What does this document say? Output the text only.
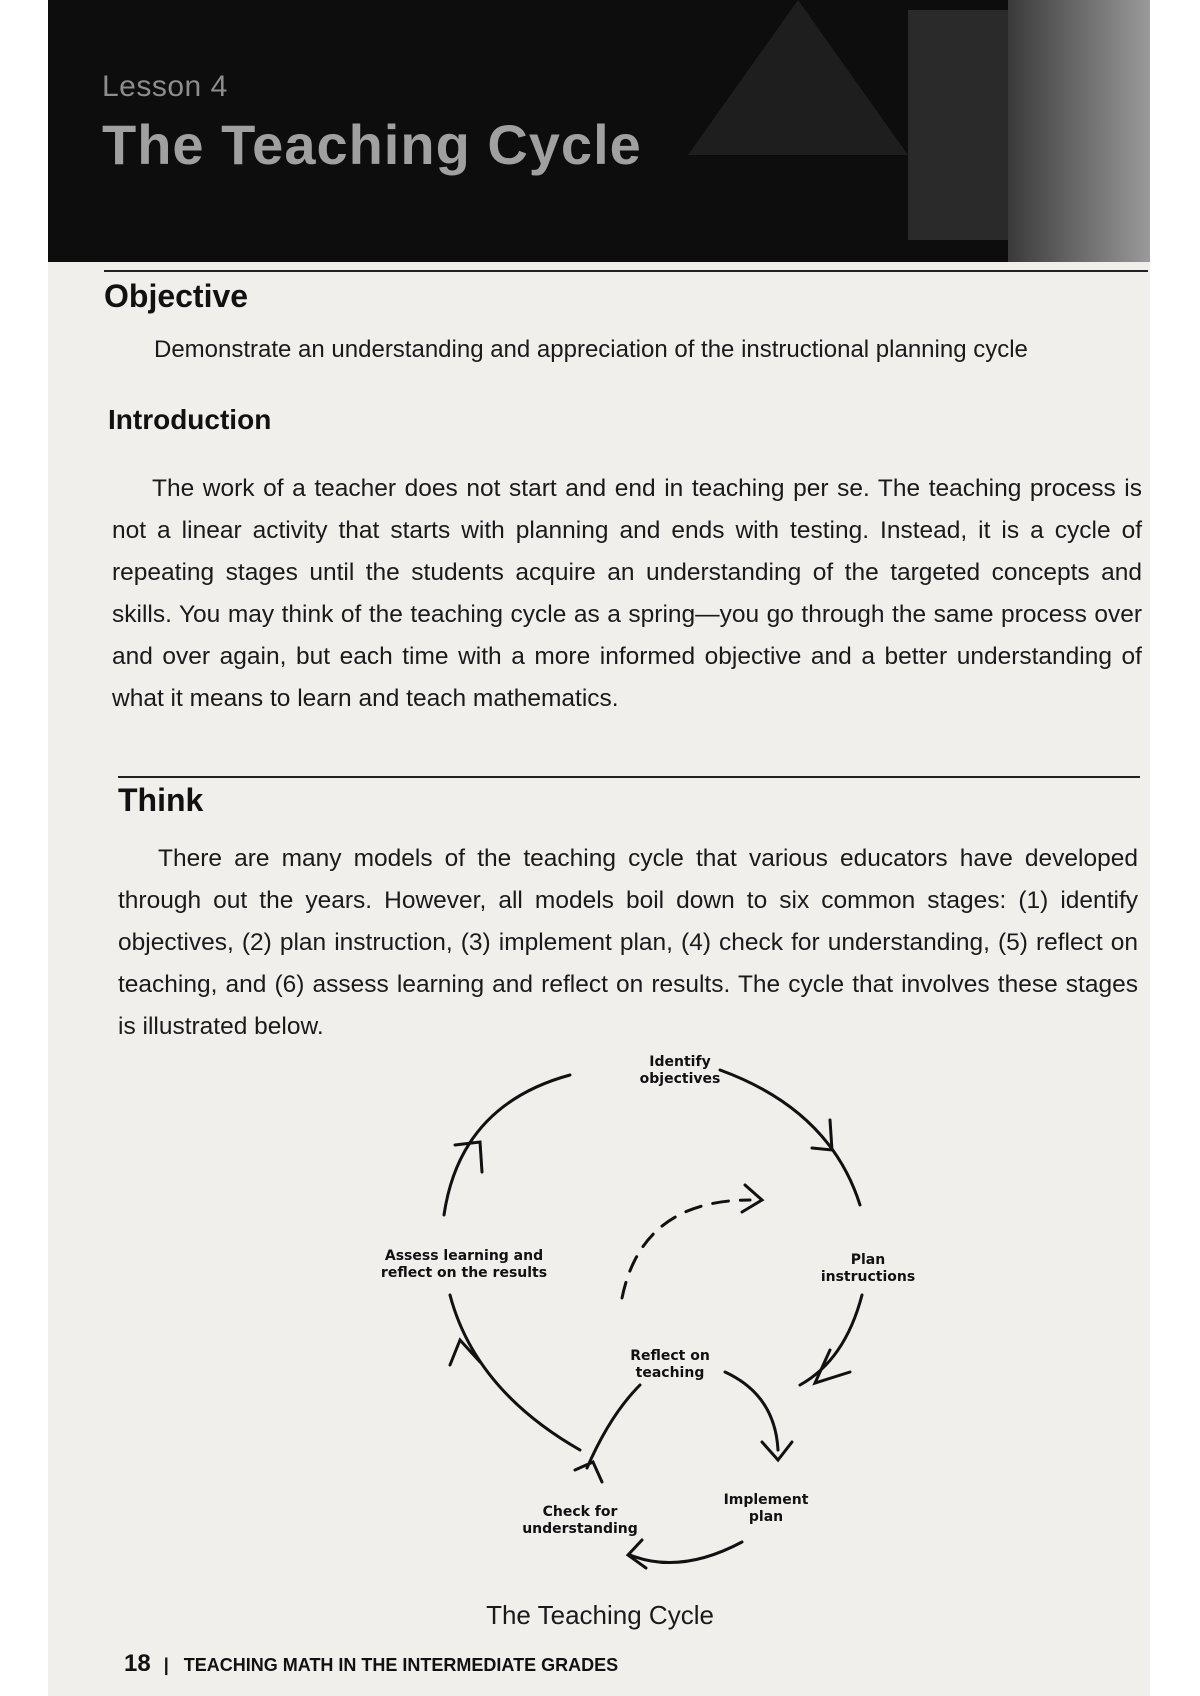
Lesson 4
The Teaching Cycle
Objective
Demonstrate an understanding and appreciation of the instructional planning cycle
Introduction

The work of a teacher does not start and end in teaching per se. The teaching process is not a linear activity that starts with planning and ends with testing. Instead, it is a cycle of repeating stages until the students acquire an understanding of the targeted concepts and skills. You may think of the teaching cycle as a spring—you go through the same process over and over again, but each time with a more informed objective and a better understanding of what it means to learn and teach mathematics.

Think

There are many models of the teaching cycle that various educators have developed through out the years. However, all models boil down to six common stages: (1) identify objectives, (2) plan instruction, (3) implement plan, (4) check for understanding, (5) reflect on teaching, and (6) assess learning and reflect on results. The cycle that involves these stages is illustrated below.

Identify
objectives
Plan
instructions
Implement
plan
Check for
understanding
Reflect on
teaching
Assess learning and
reflect on the results
The Teaching Cycle
18 | TEACHING MATH IN THE INTERMEDIATE GRADES
